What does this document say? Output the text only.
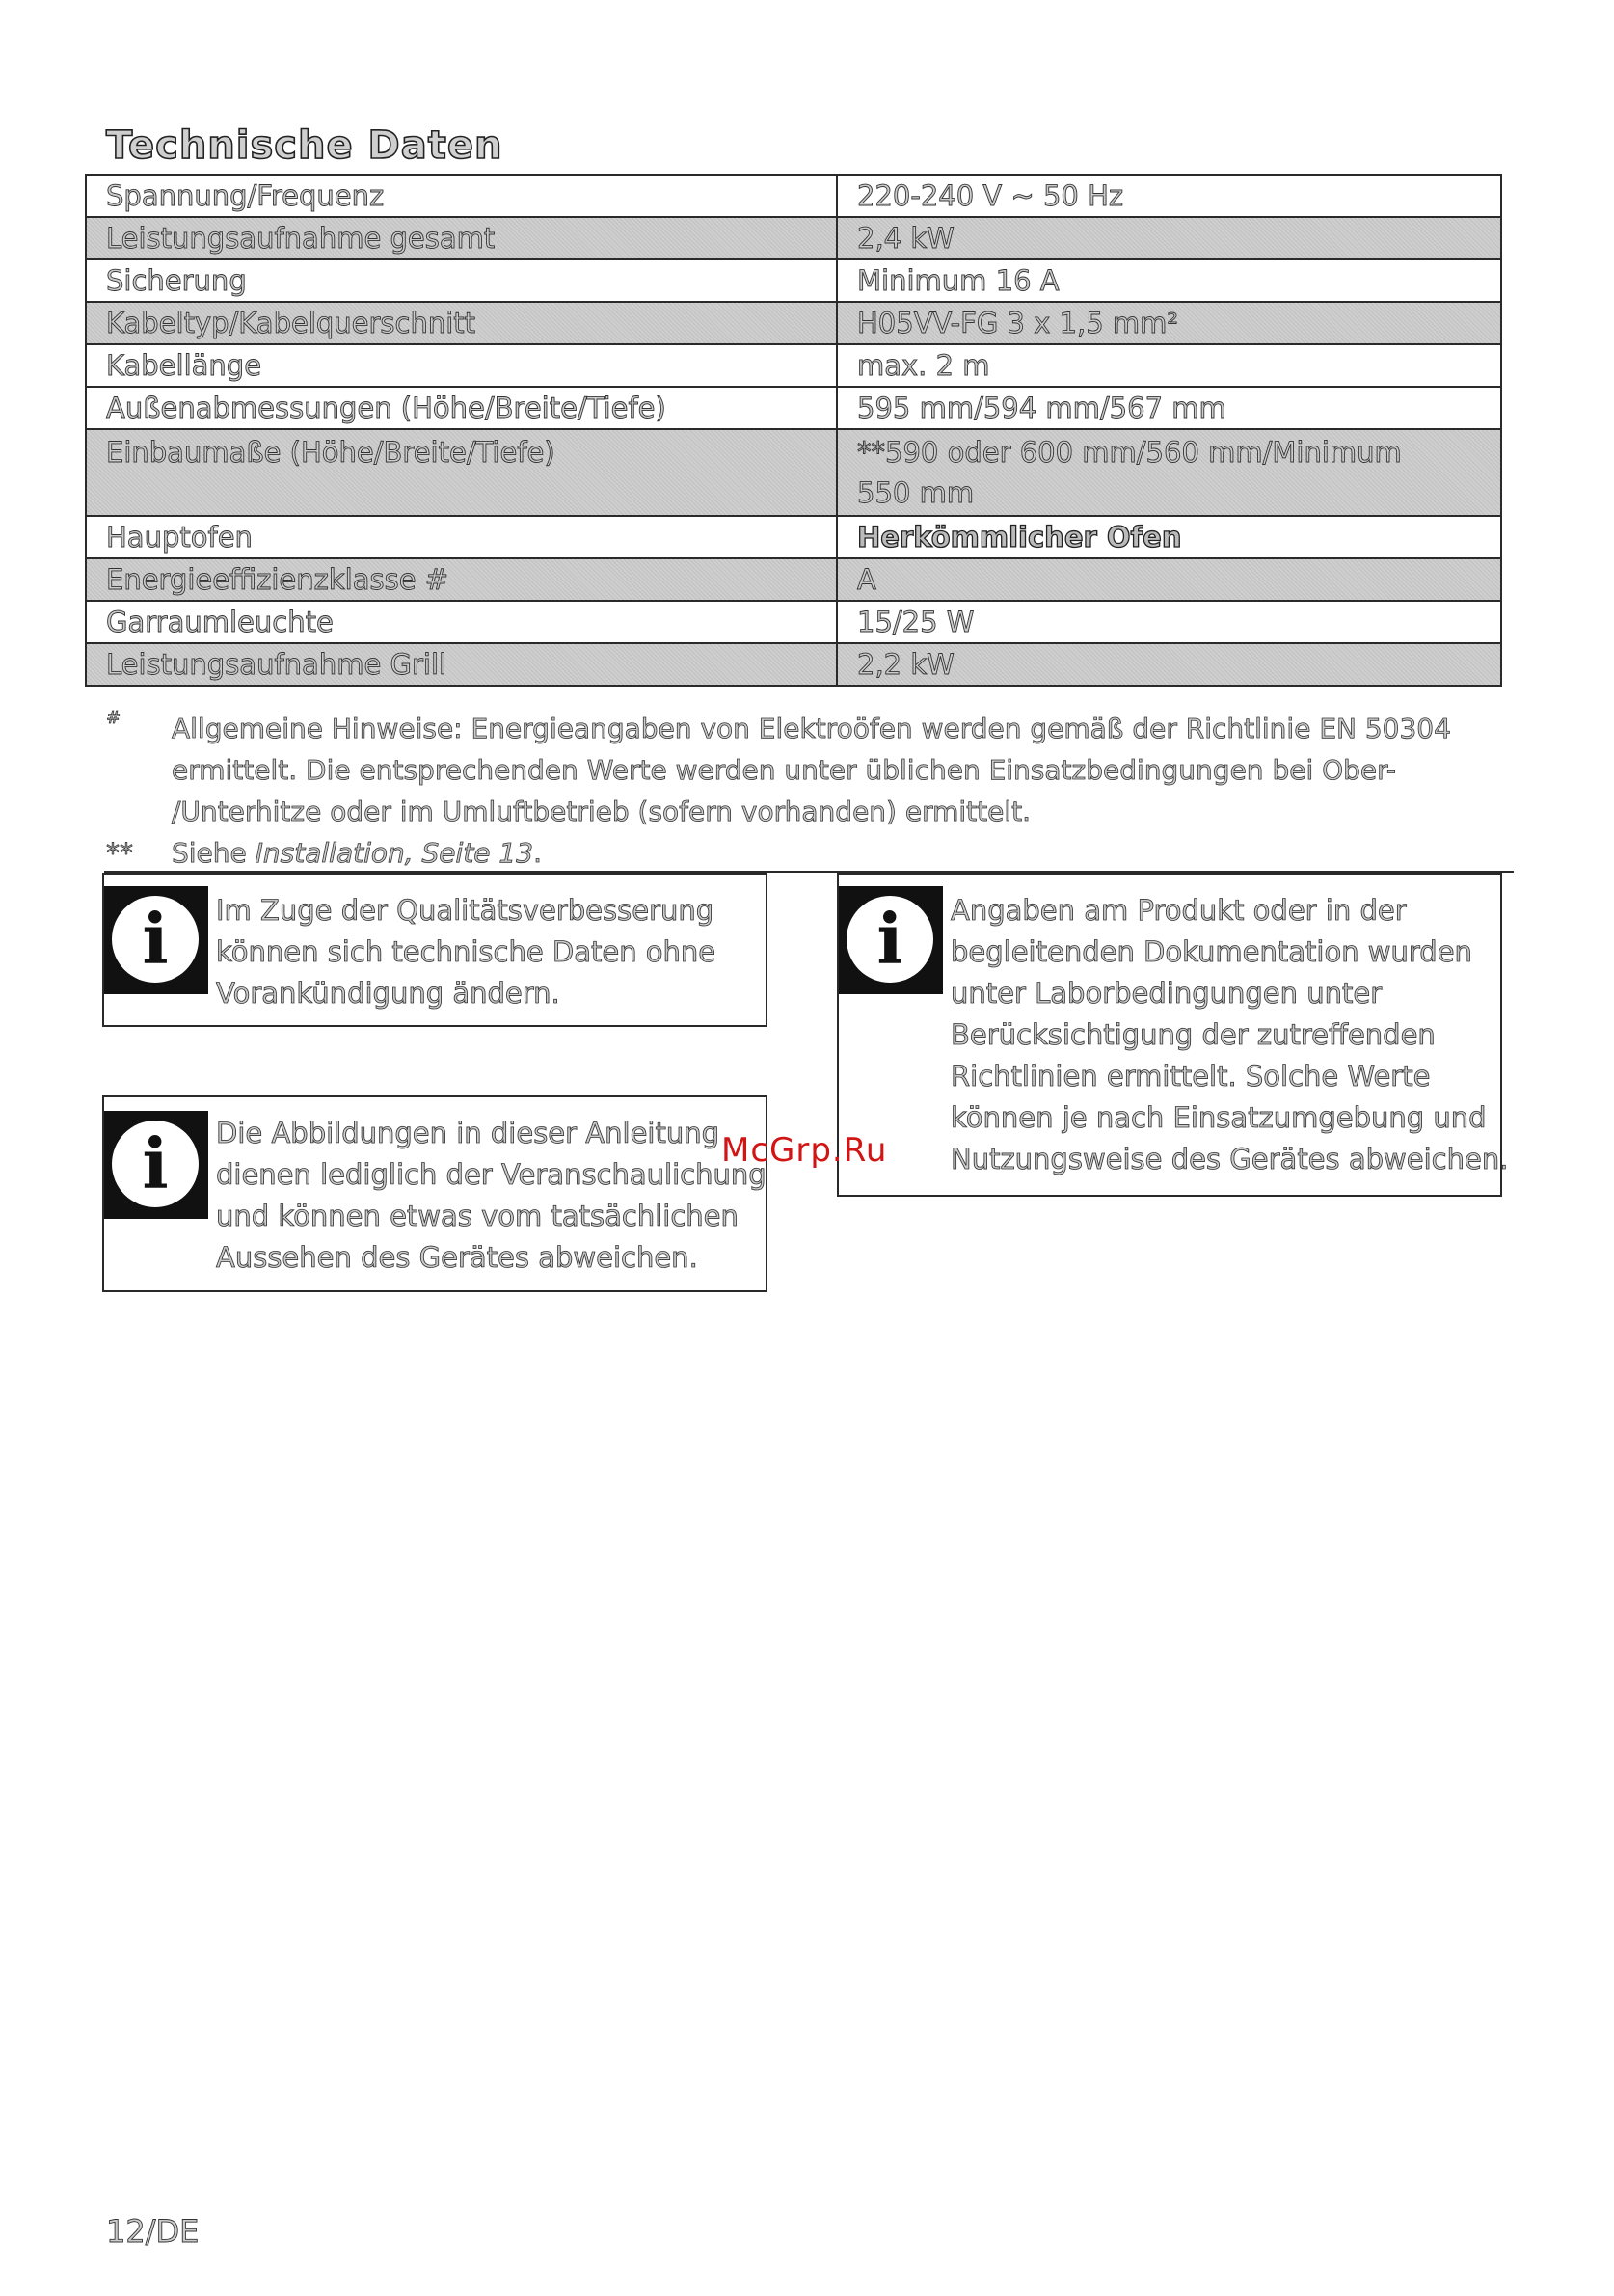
Technische Daten
Spannung/Frequenz	220-240 V ~ 50 Hz
Leistungsaufnahme gesamt	2,4 kW
Sicherung	Minimum 16 A
Kabeltyp/Kabelquerschnitt	H05VV-FG 3 x 1,5 mm²
Kabellänge	max. 2 m
Außenabmessungen (Höhe/Breite/Tiefe)	595 mm/594 mm/567 mm
Einbaumaße (Höhe/Breite/Tiefe)	**590 oder 600 mm/560 mm/Minimum
550 mm

Hauptofen	Herkömmlicher Ofen
Energieeffizienzklasse #	A
Garraumleuchte	15/25 W
Leistungsaufnahme Grill	2,2 kW
# Allgemeine Hinweise: Energieangaben von Elektroöfen werden gemäß der Richtlinie EN 50304
ermittelt. Die entsprechenden Werte werden unter üblichen Einsatzbedingungen bei Ober-
/Unterhitze oder im Umluftbetrieb (sofern vorhanden) ermittelt.
** Siehe Installation, Seite 13.
i	Im Zuge der Qualitätsverbesserung
können sich technische Daten ohne
Vorankündigung ändern.
i	Die Abbildungen in dieser Anleitung
dienen lediglich der Veranschaulichung
und können etwas vom tatsächlichen
Aussehen des Gerätes abweichen.
i	Angaben am Produkt oder in der
begleitenden Dokumentation wurden
unter Laborbedingungen unter
Berücksichtigung der zutreffenden
Richtlinien ermittelt. Solche Werte
können je nach Einsatzumgebung und
Nutzungsweise des Gerätes abweichen.
McGrp.Ru
12/DE
